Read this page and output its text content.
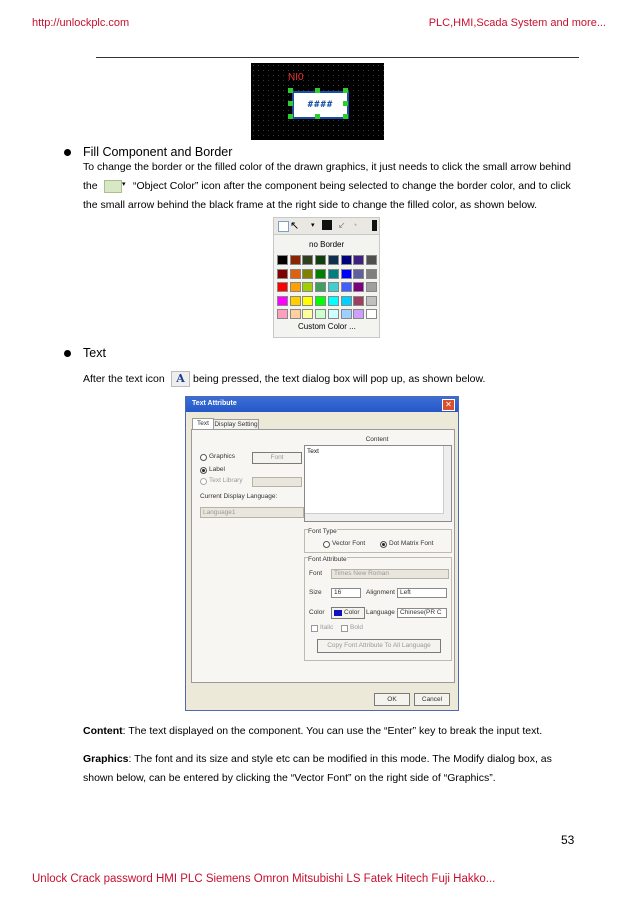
http://unlockplc.com	PLC,HMI,Scada System and more...
NI0
####
Fill Component and Border
To change the border or the filled color of the drawn graphics, it just needs to click the small arrow behind
the	▾ “Object Color” icon after the component being selected to change the border color, and to click
the small arrow behind the black frame at the right side to change the filled color, as shown below.
↖ ▾	↙ ◔
no Border
Custom Color ...
Text
After the text icon	A being pressed, the text dialog box will pop up, as shown below.
Text Attribute	✕
Text Display Setting
Graphics	Font
Label
Text Library
Current Display Language:
Language1
Content
Text
Font Type
Vector Font	Dot Matrix Font
Font Attribute
Font	Times New Roman
Size	16	Alignment Left
Color	Color Language Chinese(PR C
Italic	Bold
Copy Font Attribute To All Language
OK	Cancel
Content: The text displayed on the component. You can use the “Enter” key to break the input text.
Graphics: The font and its size and style etc can be modified in this mode. The Modify dialog box, as
shown below, can be entered by clicking the “Vector Font” on the right side of “Graphics”.
53
Unlock Crack password HMI PLC Siemens Omron Mitsubishi LS Fatek Hitech Fuji Hakko...
